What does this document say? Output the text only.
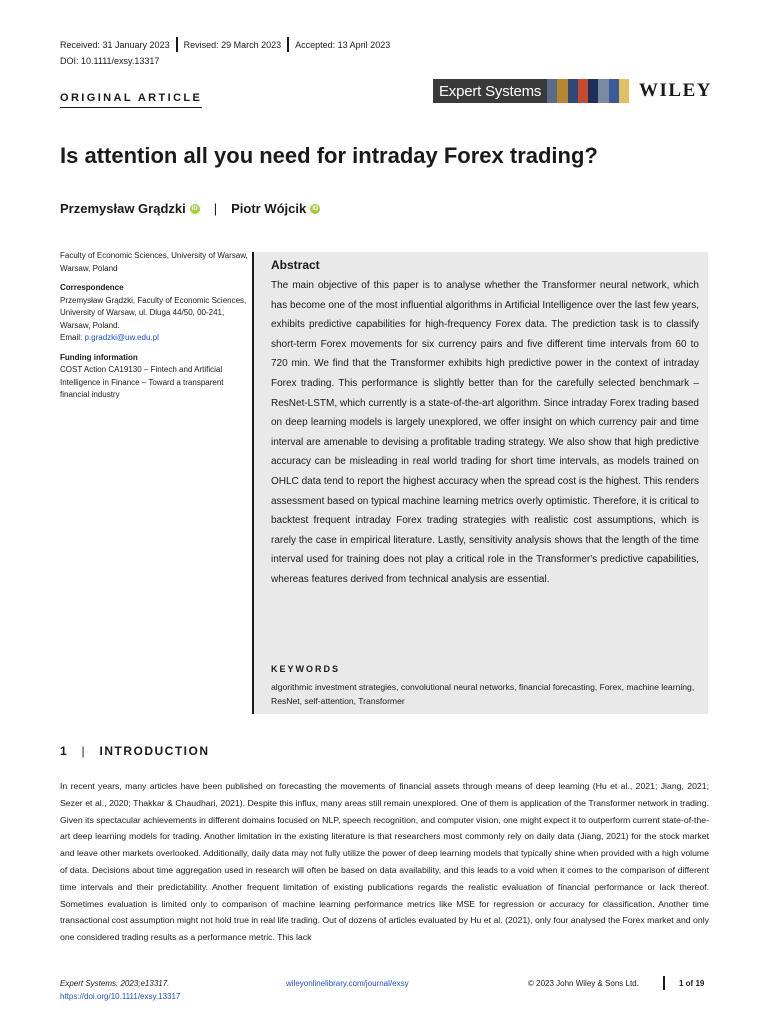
Received: 31 January 2023 Revised: 29 March 2023 Accepted: 13 April 2023
DOI: 10.1111/exsy.13317
ORIGINAL ARTICLE	Expert Systems	WILEY
Is attention all you need for intraday Forex trading?
Przemysław Grądzki	iD | Piotr Wójcik	iD
Faculty of Economic Sciences, University of Warsaw, Warsaw, Poland
Correspondence
Przemysław Grądzki, Faculty of Economic Sciences, University of Warsaw, ul. Dluga 44/50, 00-241, Warsaw, Poland.
Email: p.gradzki@uw.edu.pl
Funding information
COST Action CA19130 – Fintech and Artificial Intelligence in Finance – Toward a transparent financial industry
Abstract
The main objective of this paper is to analyse whether the Transformer neural network, which has become one of the most influential algorithms in Artificial Intelligence over the last few years, exhibits predictive capabilities for high-frequency Forex data. The prediction task is to classify short-term Forex movements for six currency pairs and five different time intervals from 60 to 720 min. We find that the Transformer exhibits high predictive power in the context of intraday Forex trading. This performance is slightly better than for the carefully selected benchmark – ResNet-LSTM, which currently is a state-of-the-art algorithm. Since intraday Forex trading based on deep learning models is largely unexplored, we offer insight on which currency pair and time interval are amenable to devising a profitable trading strategy. We also show that high predictive accuracy can be misleading in real world trading for short time intervals, as models trained on OHLC data tend to report the highest accuracy when the spread cost is the highest. This renders assessment based on typical machine learning metrics overly optimistic. Therefore, it is critical to backtest frequent intraday Forex trading strategies with realistic cost assumptions, which is rarely the case in empirical literature. Lastly, sensitivity analysis shows that the length of the time interval used for training does not play a critical role in the Transformer's predictive capabilities, whereas features derived from technical analysis are essential.
KEYWORDS
algorithmic investment strategies, convolutional neural networks, financial forecasting, Forex, machine learning, ResNet, self-attention, Transformer
1 | INTRODUCTION
In recent years, many articles have been published on forecasting the movements of financial assets through means of deep learning (Hu et al., 2021; Jiang, 2021; Sezer et al., 2020; Thakkar & Chaudhari, 2021). Despite this influx, many areas still remain unexplored. One of them is application of the Transformer network in trading. Given its spectacular achievements in different domains focused on NLP, speech recognition, and computer vision, one might expect it to outperform current state-of-the-art deep learning models for trading. Another limitation in the existing literature is that researchers most commonly rely on daily data (Jiang, 2021) for the stock market and leave other markets overlooked. Additionally, daily data may not fully utilize the power of deep learning models that typically shine when provided with a high volume of data. Decisions about time aggregation used in research will often be based on data availability, and this leads to a void when it comes to the comparison of different time intervals and their predictability. Another frequent limitation of existing publications regards the realistic evaluation of financial performance or lack thereof. Sometimes evaluation is limited only to comparison of machine learning performance metrics like MSE for regression or accuracy for classification. Another time transactional cost assumption might not hold true in real life trading. Out of dozens of articles evaluated by Hu et al. (2021), only four analysed the Forex market and only one considered trading results as a performance metric. This lack
Expert Systems. 2023;e13317.
https://doi.org/10.1111/exsy.13317
wileyonlinelibrary.com/journal/exsy	© 2023 John Wiley & Sons Ltd.	1 of 19
